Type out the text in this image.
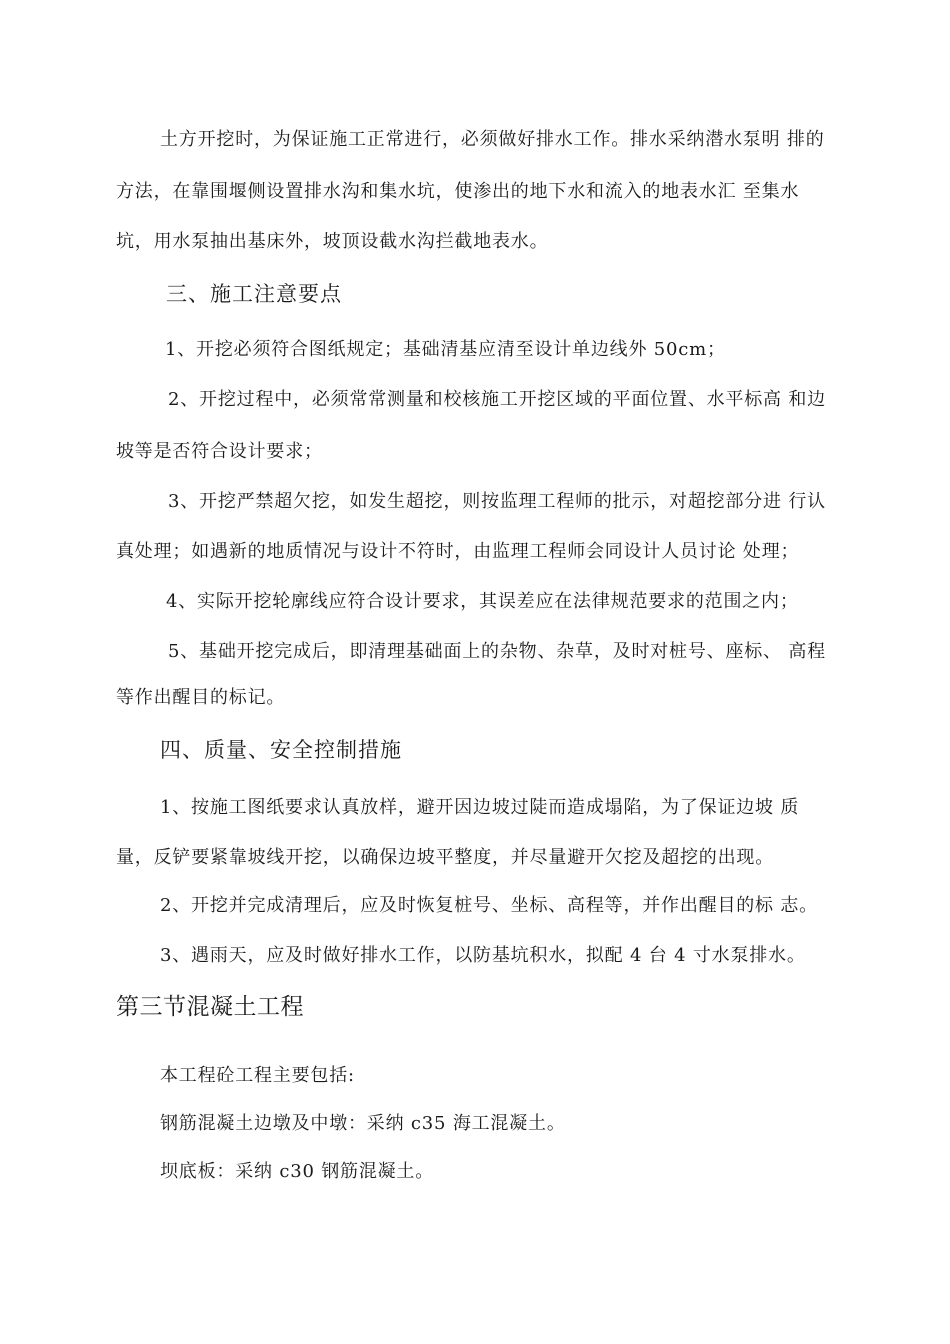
土方开挖时，为保证施工正常进行，必须做好排水工作。排水采纳潜水泵明 排的
方法，在靠围堰侧设置排水沟和集水坑，使渗出的地下水和流入的地表水汇 至集水
坑，用水泵抽出基床外，坡顶设截水沟拦截地表水。
三、施工注意要点
1、开挖必须符合图纸规定；基础清基应清至设计单边线外 50cm；
2、开挖过程中，必须常常测量和校核施工开挖区域的平面位置、水平标高 和边
坡等是否符合设计要求；
3、开挖严禁超欠挖，如发生超挖，则按监理工程师的批示，对超挖部分进 行认
真处理；如遇新的地质情况与设计不符时，由监理工程师会同设计人员讨论 处理；
4、实际开挖轮廓线应符合设计要求，其误差应在法律规范要求的范围之内；
5、基础开挖完成后，即清理基础面上的杂物、杂草，及时对桩号、座标、 高程
等作出醒目的标记。
四、质量、安全控制措施
1、按施工图纸要求认真放样，避开因边坡过陡而造成塌陷，为了保证边坡 质
量，反铲要紧靠坡线开挖，以确保边坡平整度，并尽量避开欠挖及超挖的出现。
2、开挖并完成清理后，应及时恢复桩号、坐标、高程等，并作出醒目的标 志。
3、遇雨天，应及时做好排水工作，以防基坑积水，拟配 4 台 4 寸水泵排水。
第三节混凝土工程
本工程砼工程主要包括:
钢筋混凝土边墩及中墩：采纳 c35 海工混凝土。
坝底板：采纳 c30 钢筋混凝土。
